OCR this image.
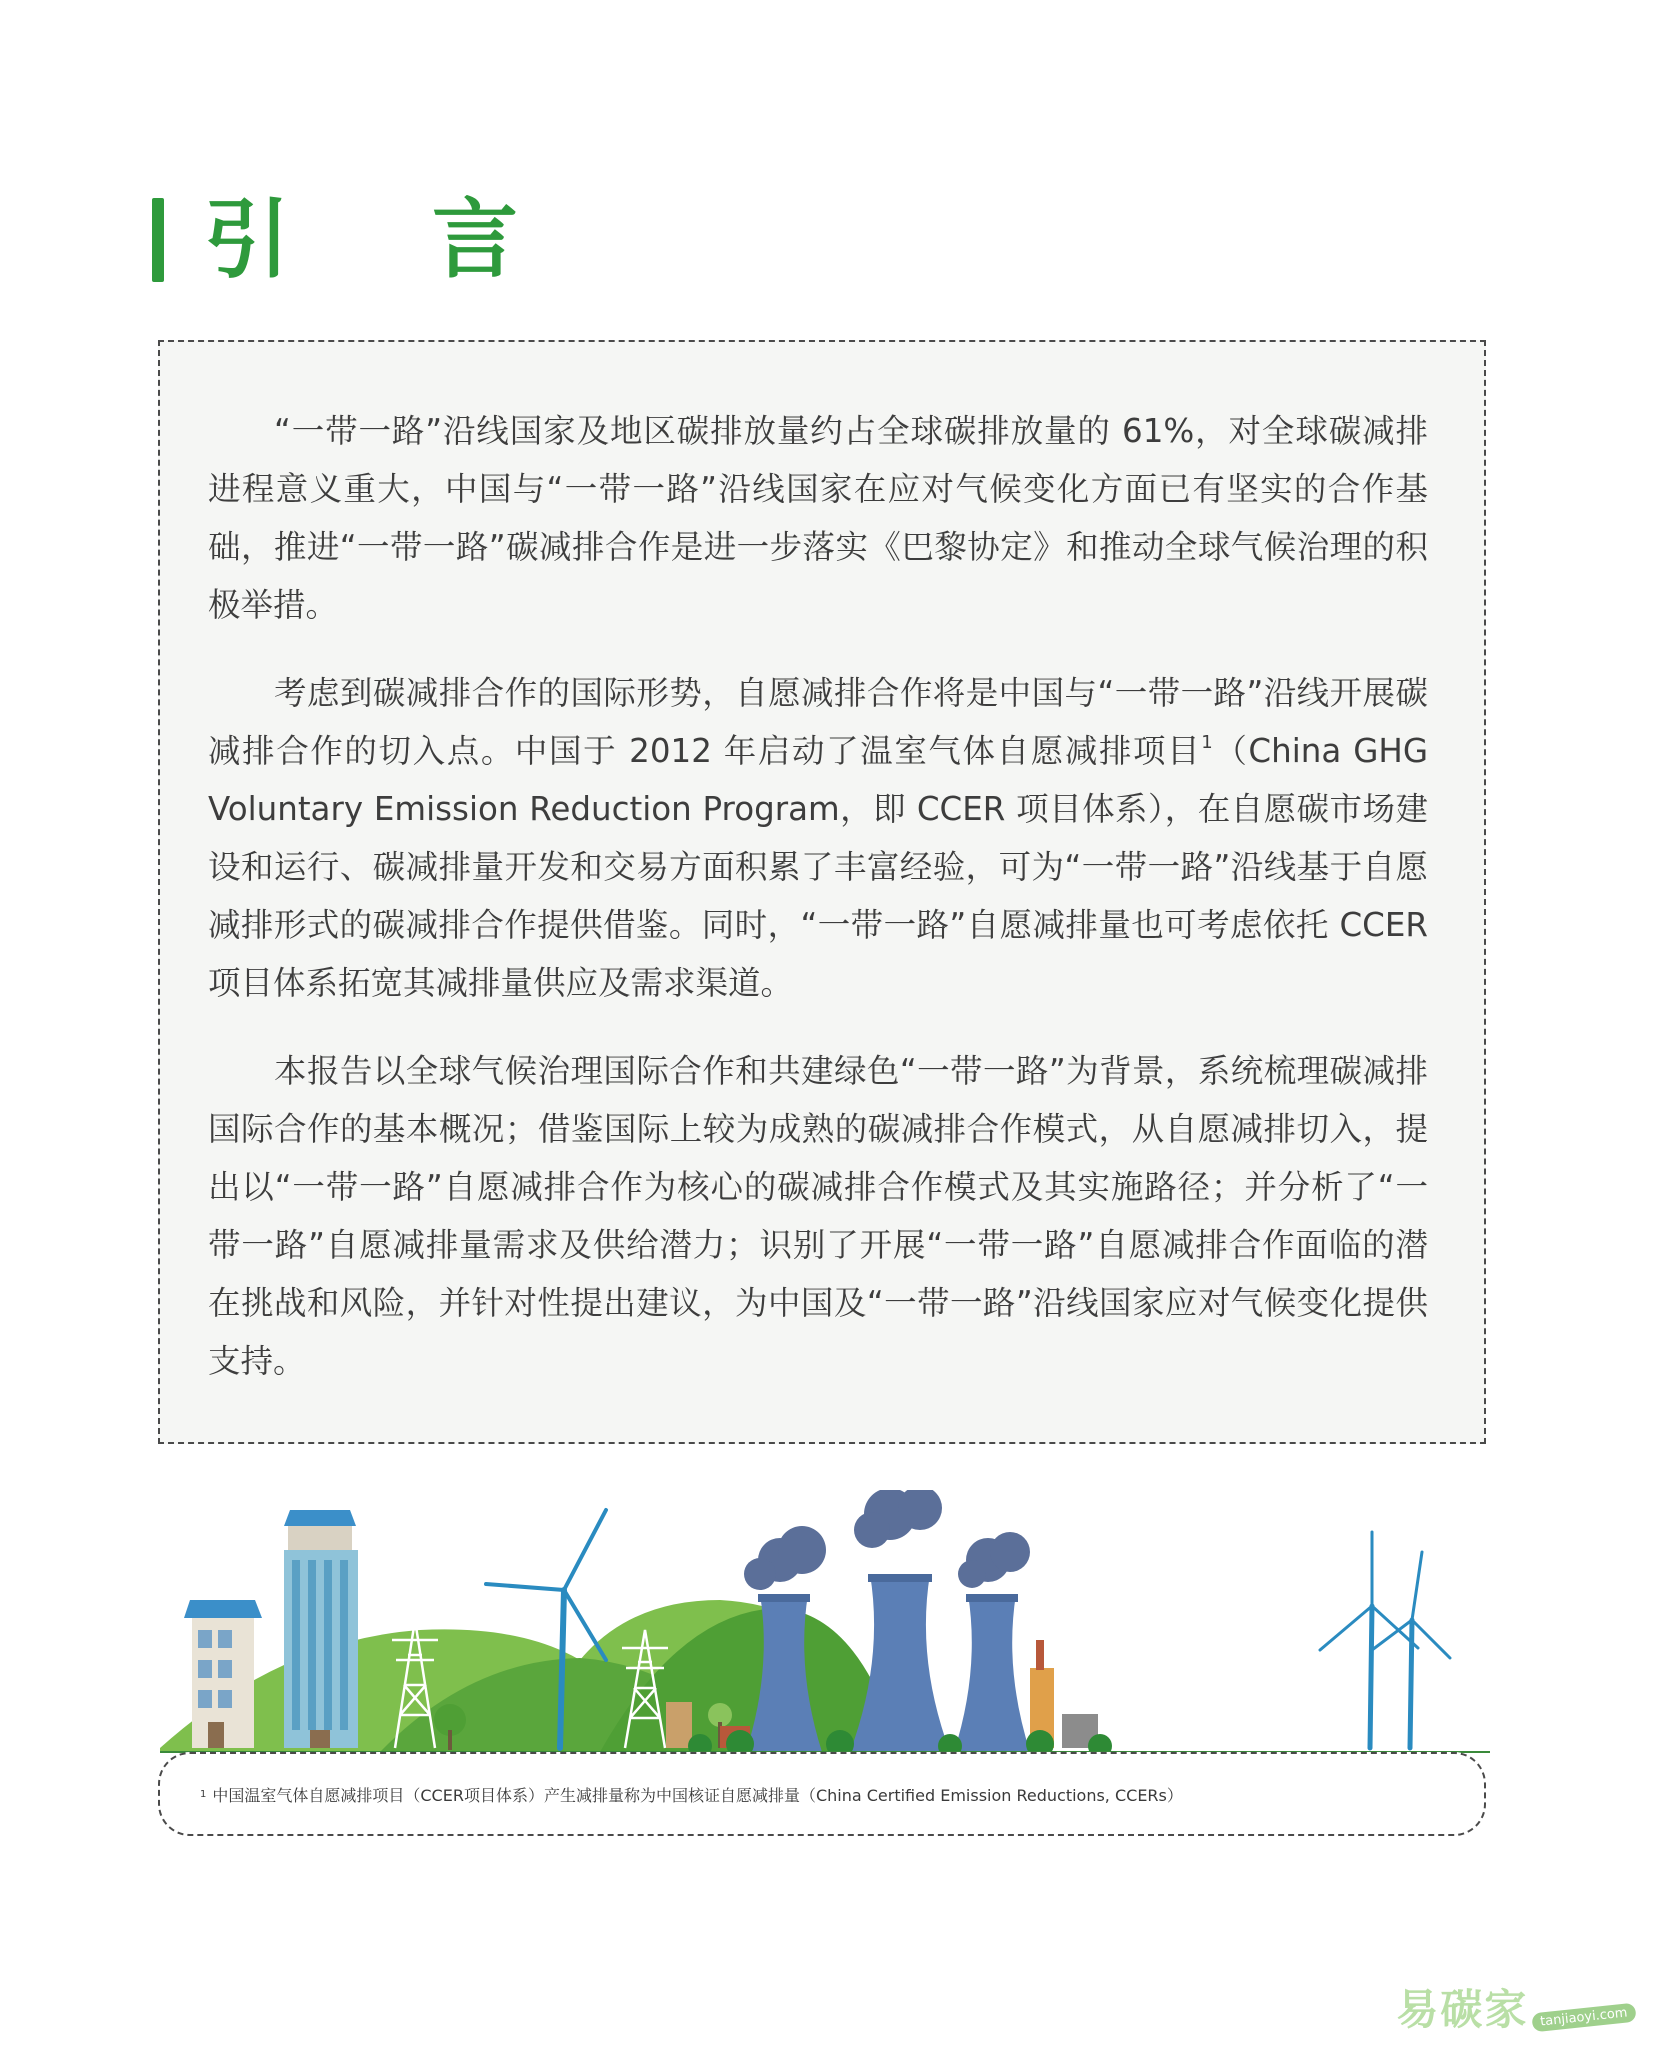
引 言

“一带一路”沿线国家及地区碳排放量约占全球碳排放量的 61%，对全球碳减排进程意义重大，中国与“一带一路”沿线国家在应对气候变化方面已有坚实的合作基础，推进“一带一路”碳减排合作是进一步落实《巴黎协定》和推动全球气候治理的积极举措。

考虑到碳减排合作的国际形势，自愿减排合作将是中国与“一带一路”沿线开展碳减排合作的切入点。中国于 2012 年启动了温室气体自愿减排项目$^1$（China GHG Voluntary Emission Reduction Program，即 CCER 项目体系），在自愿碳市场建设和运行、碳减排量开发和交易方面积累了丰富经验，可为“一带一路”沿线基于自愿减排形式的碳减排合作提供借鉴。同时，“一带一路”自愿减排量也可考虑依托 CCER 项目体系拓宽其减排量供应及需求渠道。

本报告以全球气候治理国际合作和共建绿色“一带一路”为背景，系统梳理碳减排国际合作的基本概况；借鉴国际上较为成熟的碳减排合作模式，从自愿减排切入，提出以“一带一路”自愿减排合作为核心的碳减排合作模式及其实施路径；并分析了“一带一路”自愿减排量需求及供给潜力；识别了开展“一带一路”自愿减排合作面临的潜在挑战和风险，并针对性提出建议，为中国及“一带一路”沿线国家应对气候变化提供支持。

1 中国温室气体自愿减排项目（CCER项目体系）产生减排量称为中国核证自愿减排量（China Certified Emission Reductions, CCERs）
易碳家 tanjiaoyi.com
